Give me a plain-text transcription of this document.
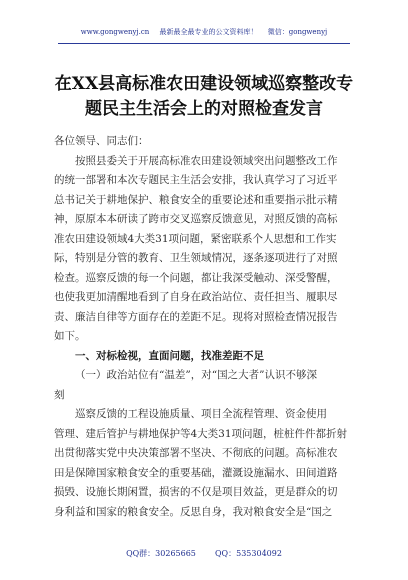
www.gongwenyj.cn 最新最全最专业的公文资料库！ 微信：gongwenyj
在XX县高标准农田建设领域巡察整改专
题民主生活会上的对照检查发言
各位领导、同志们：

按照县委关于开展高标准农田建设领域突出问题整改工作
的统一部署和本次专题民主生活会安排，我认真学习了习近平
总书记关于耕地保护、粮食安全的重要论述和重要指示批示精
神，原原本本研读了跨市交叉巡察反馈意见，对照反馈的高标
准农田建设领域4大类31项问题，紧密联系个人思想和工作实
际，特别是分管的教育、卫生领域情况，逐条逐项进行了对照
检查。巡察反馈的每一个问题，都让我深受触动、深受警醒，
也使我更加清醒地看到了自身在政治站位、责任担当、履职尽
责、廉洁自律等方面存在的差距不足。现将对照检查情况报告
如下。

一、对标检视，直面问题，找准差距不足

（一）政治站位有“温差”，对“国之大者”认识不够深
刻

巡察反馈的工程设施质量、项目全流程管理、资金使用
管理、建后管护与耕地保护等4大类31项问题，桩桩件件都折射
出贯彻落实党中央决策部署不坚决、不彻底的问题。高标准农
田是保障国家粮食安全的重要基础，灌溉设施漏水、田间道路
损毁、设施长期闲置，损害的不仅是项目效益，更是群众的切
身利益和国家的粮食安全。反思自身，我对粮食安全是“国之

QQ群：30265665 QQ：535304092
